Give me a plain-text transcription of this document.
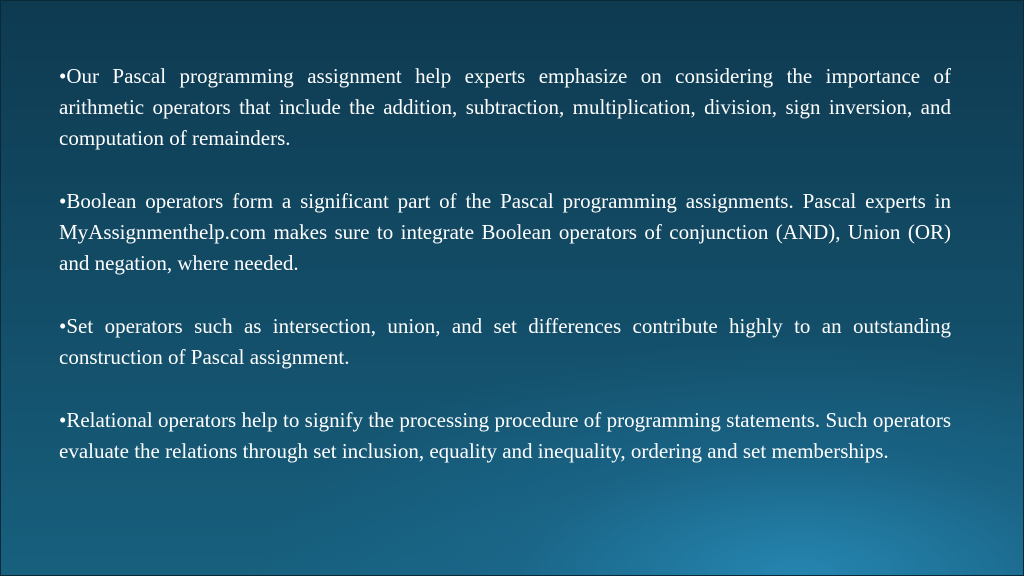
•Our Pascal programming assignment help experts emphasize on considering the importance of arithmetic operators that include the addition, subtraction, multiplication, division, sign inversion, and computation of remainders.

•Boolean operators form a significant part of the Pascal programming assignments. Pascal experts in MyAssignmenthelp.com makes sure to integrate Boolean operators of conjunction (AND), Union (OR) and negation, where needed.

•Set operators such as intersection, union, and set differences contribute highly to an outstanding construction of Pascal assignment.

•Relational operators help to signify the processing procedure of programming statements. Such operators evaluate the relations through set inclusion, equality and inequality, ordering and set memberships.
